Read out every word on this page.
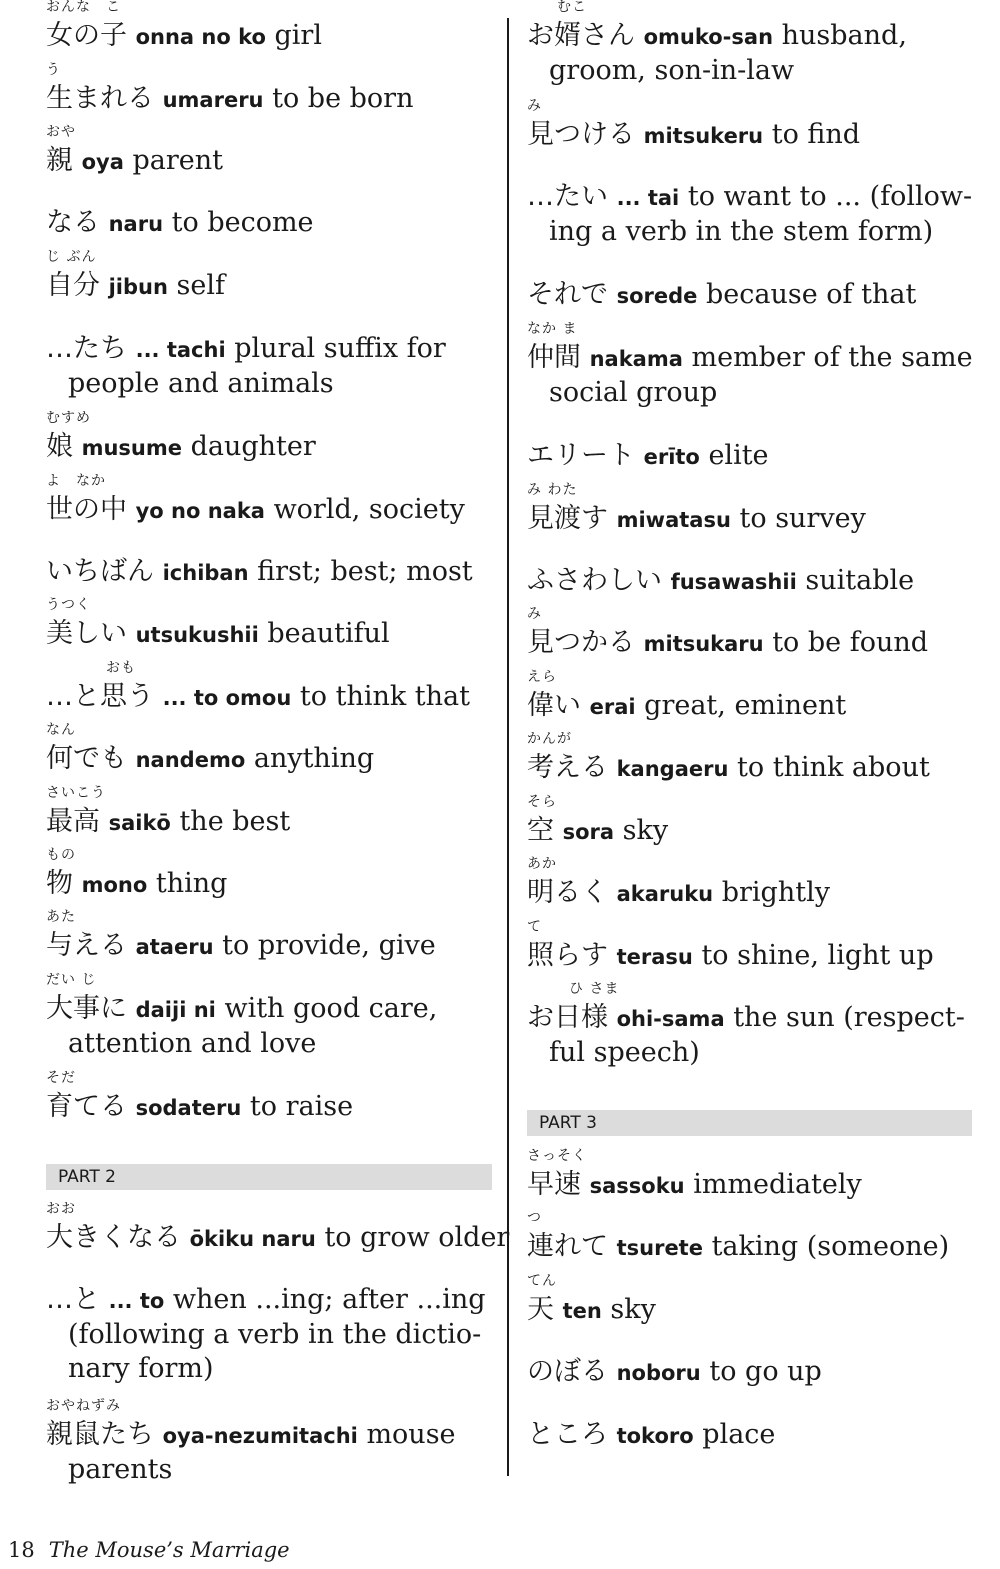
おんな　こ
女の子 onna no ko girl
う
生まれる umareru to be born
おや
親 oya parent
なる naru to become
じ ぶん
自分 jibun self
…たち ... tachi plural suffix for
people and animals
むすめ
娘 musume daughter
よ　なか
世の中 yo no naka world, society
いちばん ichiban first; best; most
うつく
美しい utsukushii beautiful
おも
…と思う ... to omou to think that
なん
何でも nandemo anything
さいこう
最高 saikō the best
もの
物 mono thing
あた
与える ataeru to provide, give
だい じ
大事に daiji ni with good care,
attention and love
そだ
育てる sodateru to raise
PART 2
おお
大きくなる ōkiku naru to grow older
…と ... to when ...ing; after ...ing
(following a verb in the dictio-
nary form)
おやねずみ
親鼠たち oya-nezumitachi mouse
parents
むこ
お婿さん omuko-san husband,
groom, son-in-law
み
見つける mitsukeru to find
…たい ... tai to want to ... (follow-
ing a verb in the stem form)
それで sorede because of that
なか ま
仲間 nakama member of the same
social group
エリート erīto elite
み わた
見渡す miwatasu to survey
ふさわしい fusawashii suitable
み
見つかる mitsukaru to be found
えら
偉い erai great, eminent
かんが
考える kangaeru to think about
そら
空 sora sky
あか
明るく akaruku brightly
て
照らす terasu to shine, light up
ひ さま
お日様 ohi-sama the sun (respect-
ful speech)
PART 3
さっそく
早速 sassoku immediately
つ
連れて tsurete taking (someone)
てん
天 ten sky
のぼる noboru to go up
ところ tokoro place
18 The Mouse’s Marriage
